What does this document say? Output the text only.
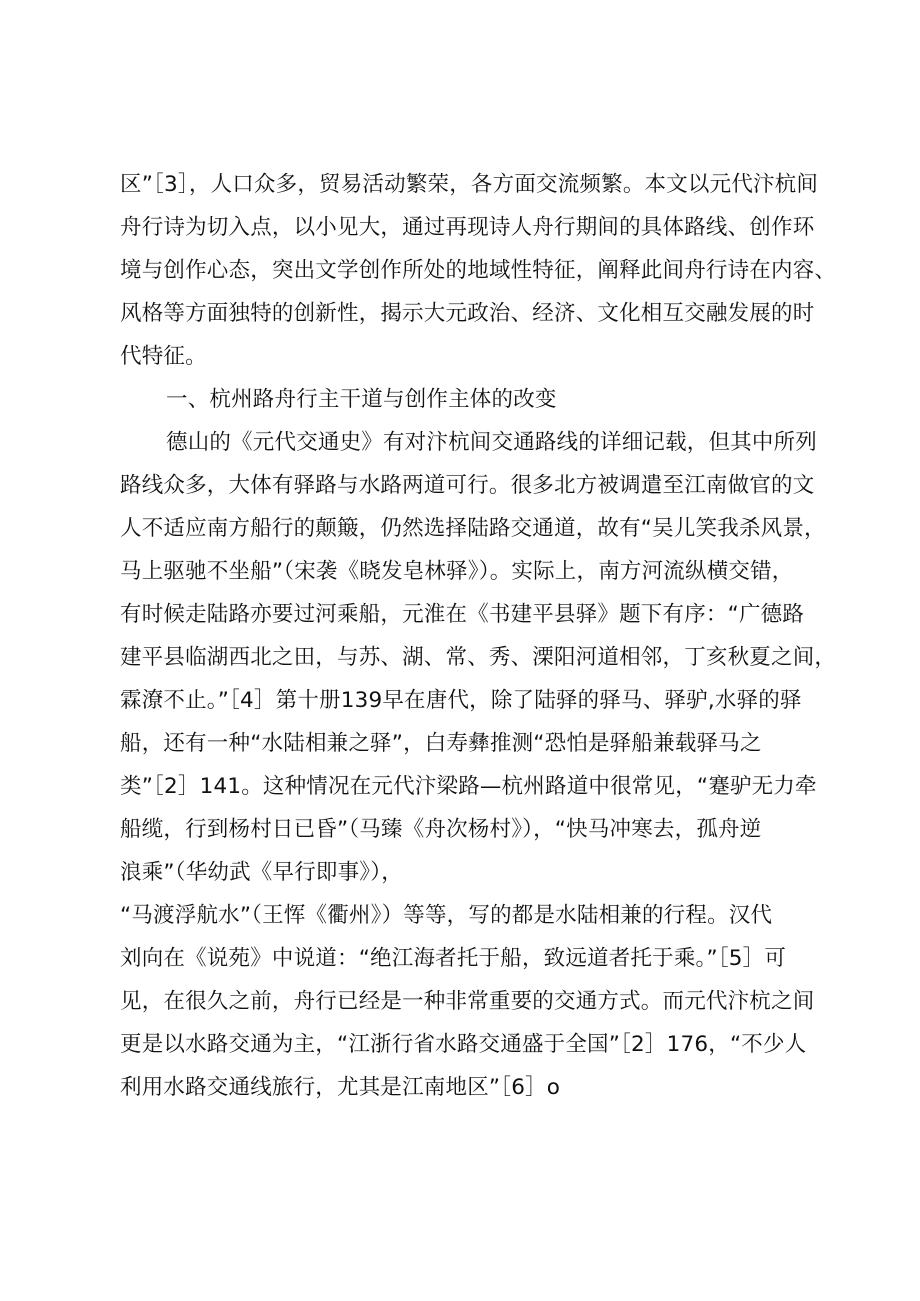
区”［3］，人口众多，贸易活动繁荣，各方面交流频繁。本文以元代汴杭间
舟行诗为切入点，以小见大，通过再现诗人舟行期间的具体路线、创作环
境与创作心态，突出文学创作所处的地域性特征，阐释此间舟行诗在内容、
风格等方面独特的创新性，揭示大元政治、经济、文化相互交融发展的时
代特征。
一、杭州路舟行主干道与创作主体的改变
德山的《元代交通史》有对汴杭间交通路线的详细记载，但其中所列
路线众多，大体有驿路与水路两道可行。很多北方被调遣至江南做官的文
人不适应南方船行的颠簸，仍然选择陆路交通道，故有“吴儿笑我杀风景，
马上驱驰不坐船”（宋袭《晓发皂林驿》）。实际上，南方河流纵横交错，
有时候走陆路亦要过河乘船，元淮在《书建平县驿》题下有序：“广德路
建平县临湖西北之田，与苏、湖、常、秀、溧阳河道相邻，丁亥秋夏之间，
霖潦不止。”［4］第十册139早在唐代，除了陆驿的驿马、驿驴,水驿的驿
船，还有一种“水陆相兼之驿”，白寿彝推测“恐怕是驿船兼载驿马之
类”［2］141。这种情况在元代汴梁路—杭州路道中很常见，“蹇驴无力牵
船缆，行到杨村日已昏”（马臻《舟次杨村》），“快马冲寒去，孤舟逆
浪乘”（华幼武《早行即事》），
“马渡浮航水”（王恽《衢州》）等等，写的都是水陆相兼的行程。汉代
刘向在《说苑》中说道：“绝江海者托于船，致远道者托于乘。”［5］可
见，在很久之前，舟行已经是一种非常重要的交通方式。而元代汴杭之间
更是以水路交通为主，“江浙行省水路交通盛于全国”［2］176，“不少人
利用水路交通线旅行，尤其是江南地区”［6］o
